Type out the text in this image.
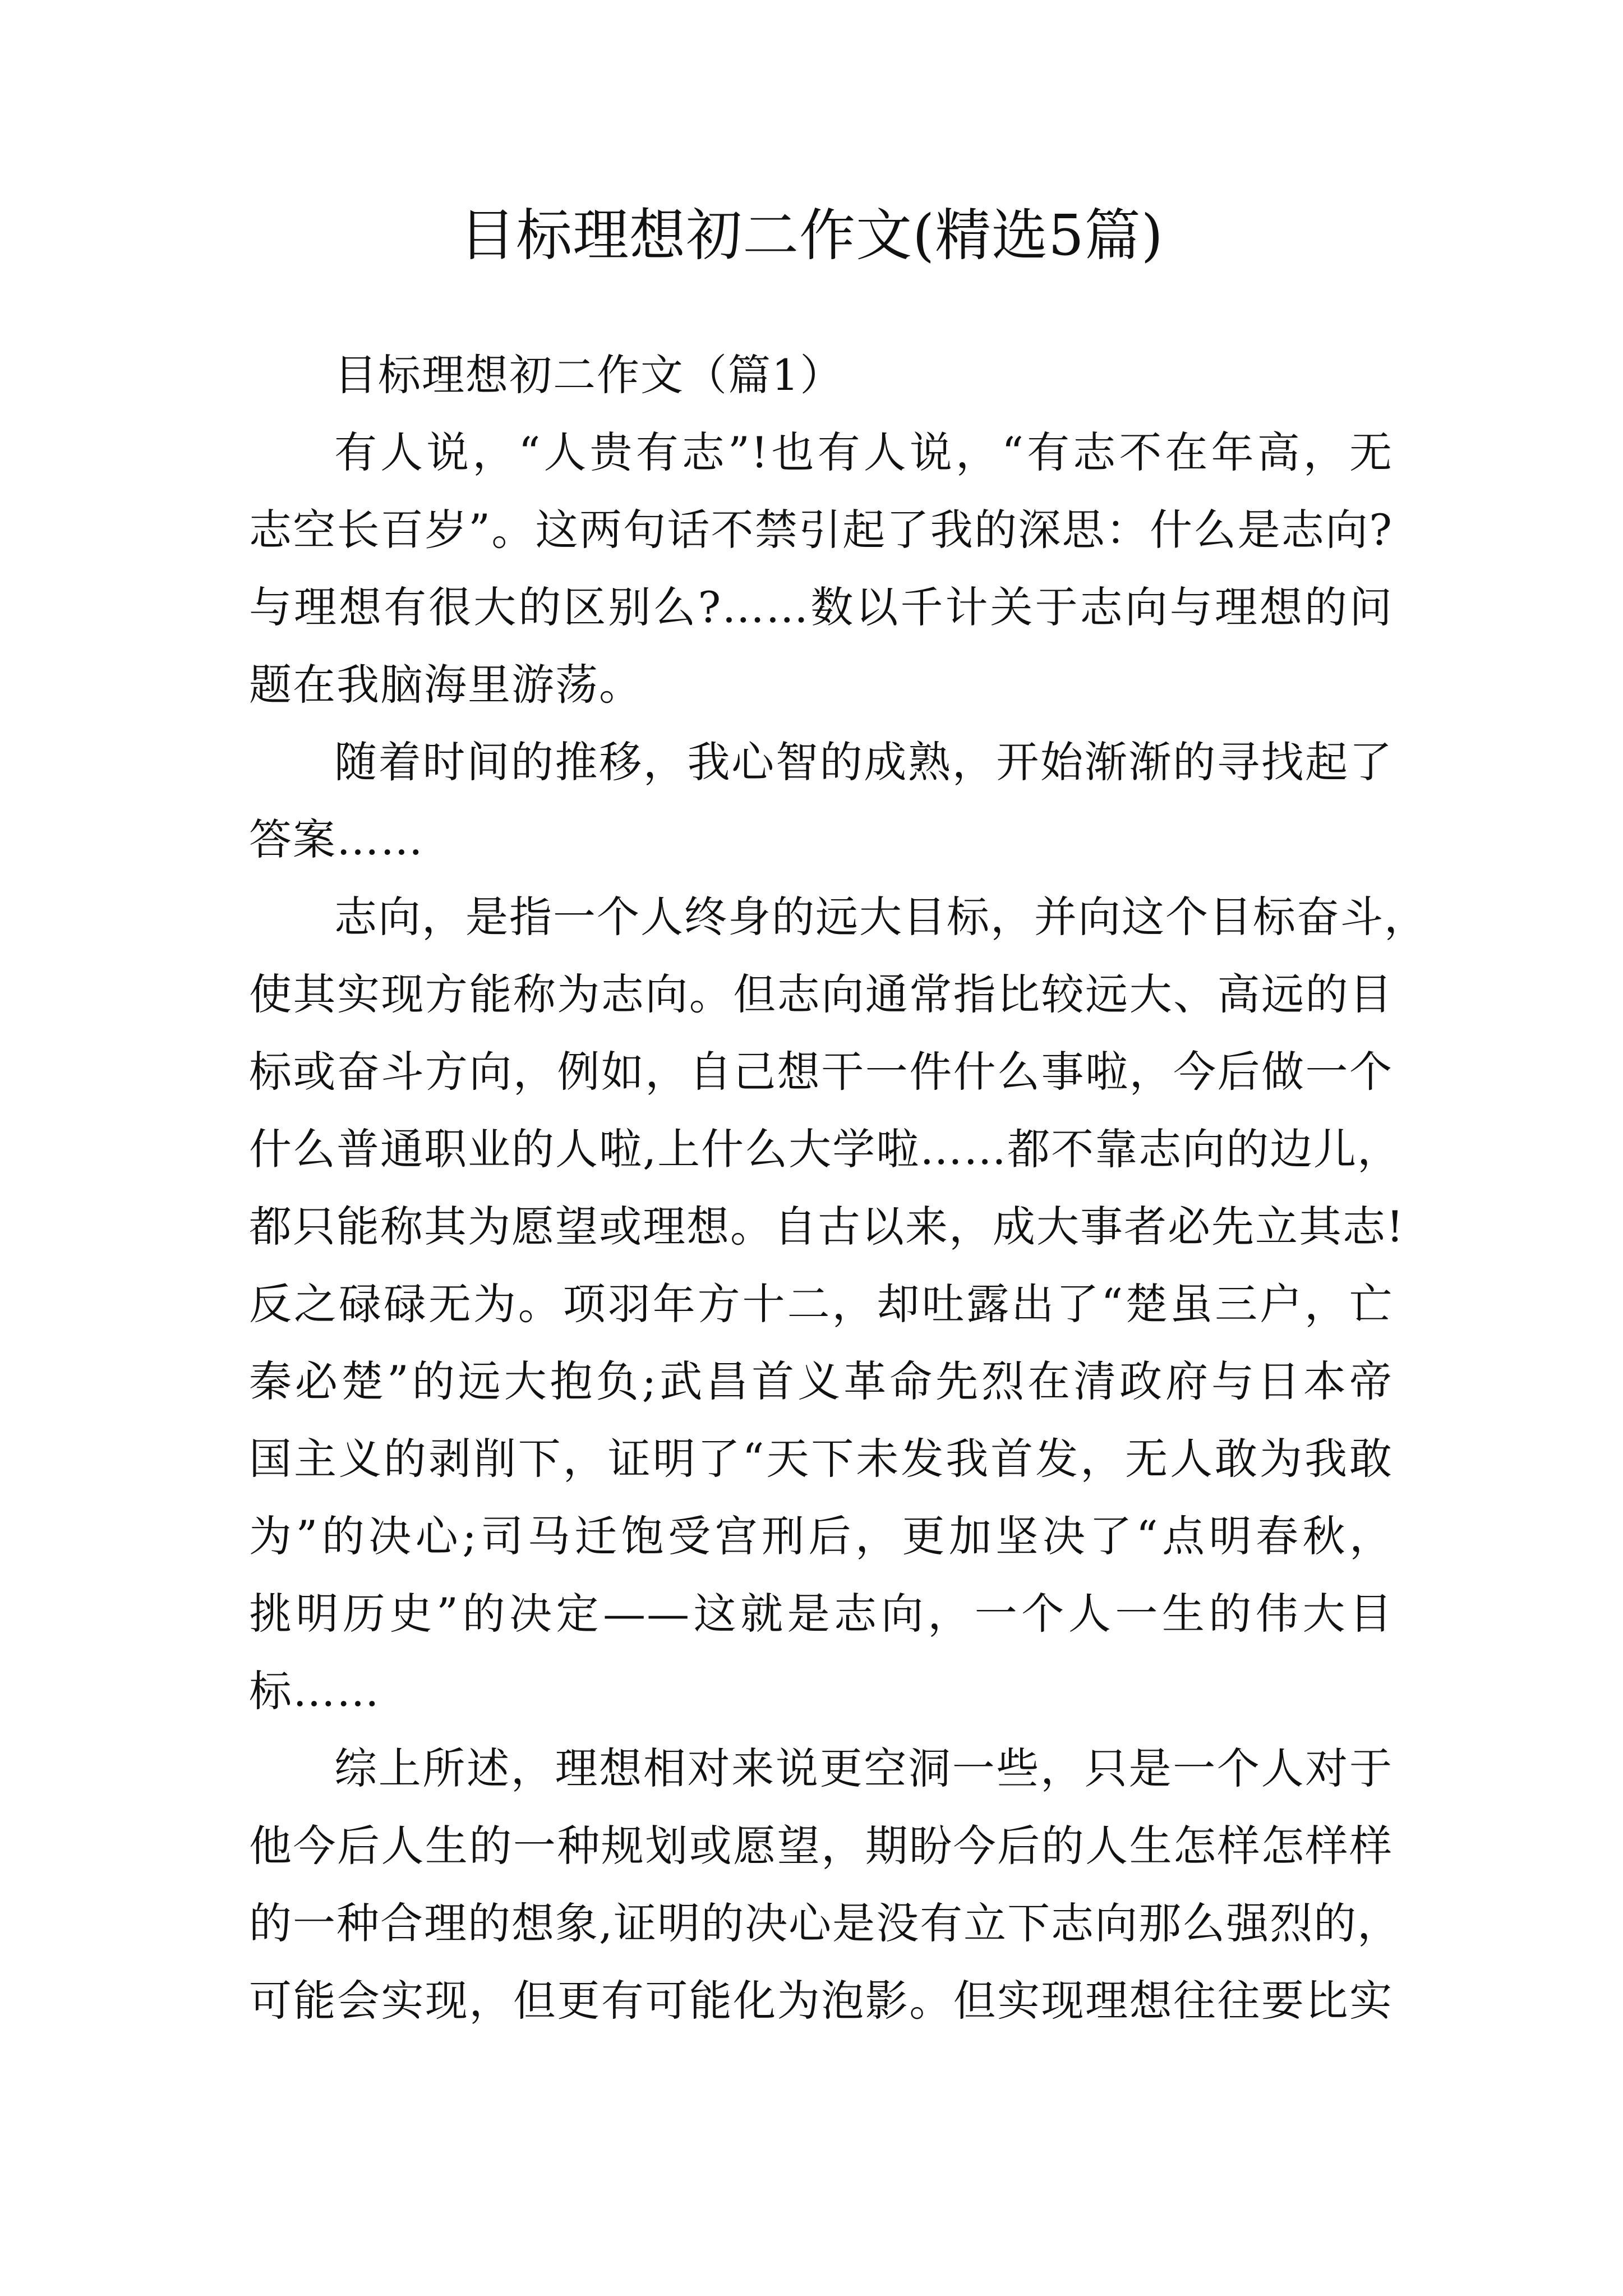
目标理想初二作文(精选5篇)

目标理想初二作文（篇1）

有人说，“人贵有志”!也有人说，“有志不在年高，无

志空长百岁”。这两句话不禁引起了我的深思：什么是志向?

与理想有很大的区别么?……数以千计关于志向与理想的问

题在我脑海里游荡。

随着时间的推移，我心智的成熟，开始渐渐的寻找起了

答案……

志向，是指一个人终身的远大目标，并向这个目标奋斗，

使其实现方能称为志向。但志向通常指比较远大、高远的目

标或奋斗方向，例如，自己想干一件什么事啦，今后做一个

什么普通职业的人啦,上什么大学啦……都不靠志向的边儿，

都只能称其为愿望或理想。自古以来，成大事者必先立其志!

反之碌碌无为。项羽年方十二，却吐露出了“楚虽三户，亡

秦必楚”的远大抱负;武昌首义革命先烈在清政府与日本帝

国主义的剥削下，证明了“天下未发我首发，无人敢为我敢

为”的决心;司马迁饱受宫刑后，更加坚决了“点明春秋，

挑明历史”的决定——这就是志向，一个人一生的伟大目

标……

综上所述，理想相对来说更空洞一些，只是一个人对于

他今后人生的一种规划或愿望，期盼今后的人生怎样怎样样

的一种合理的想象,证明的决心是没有立下志向那么强烈的，

可能会实现，但更有可能化为泡影。但实现理想往往要比实
